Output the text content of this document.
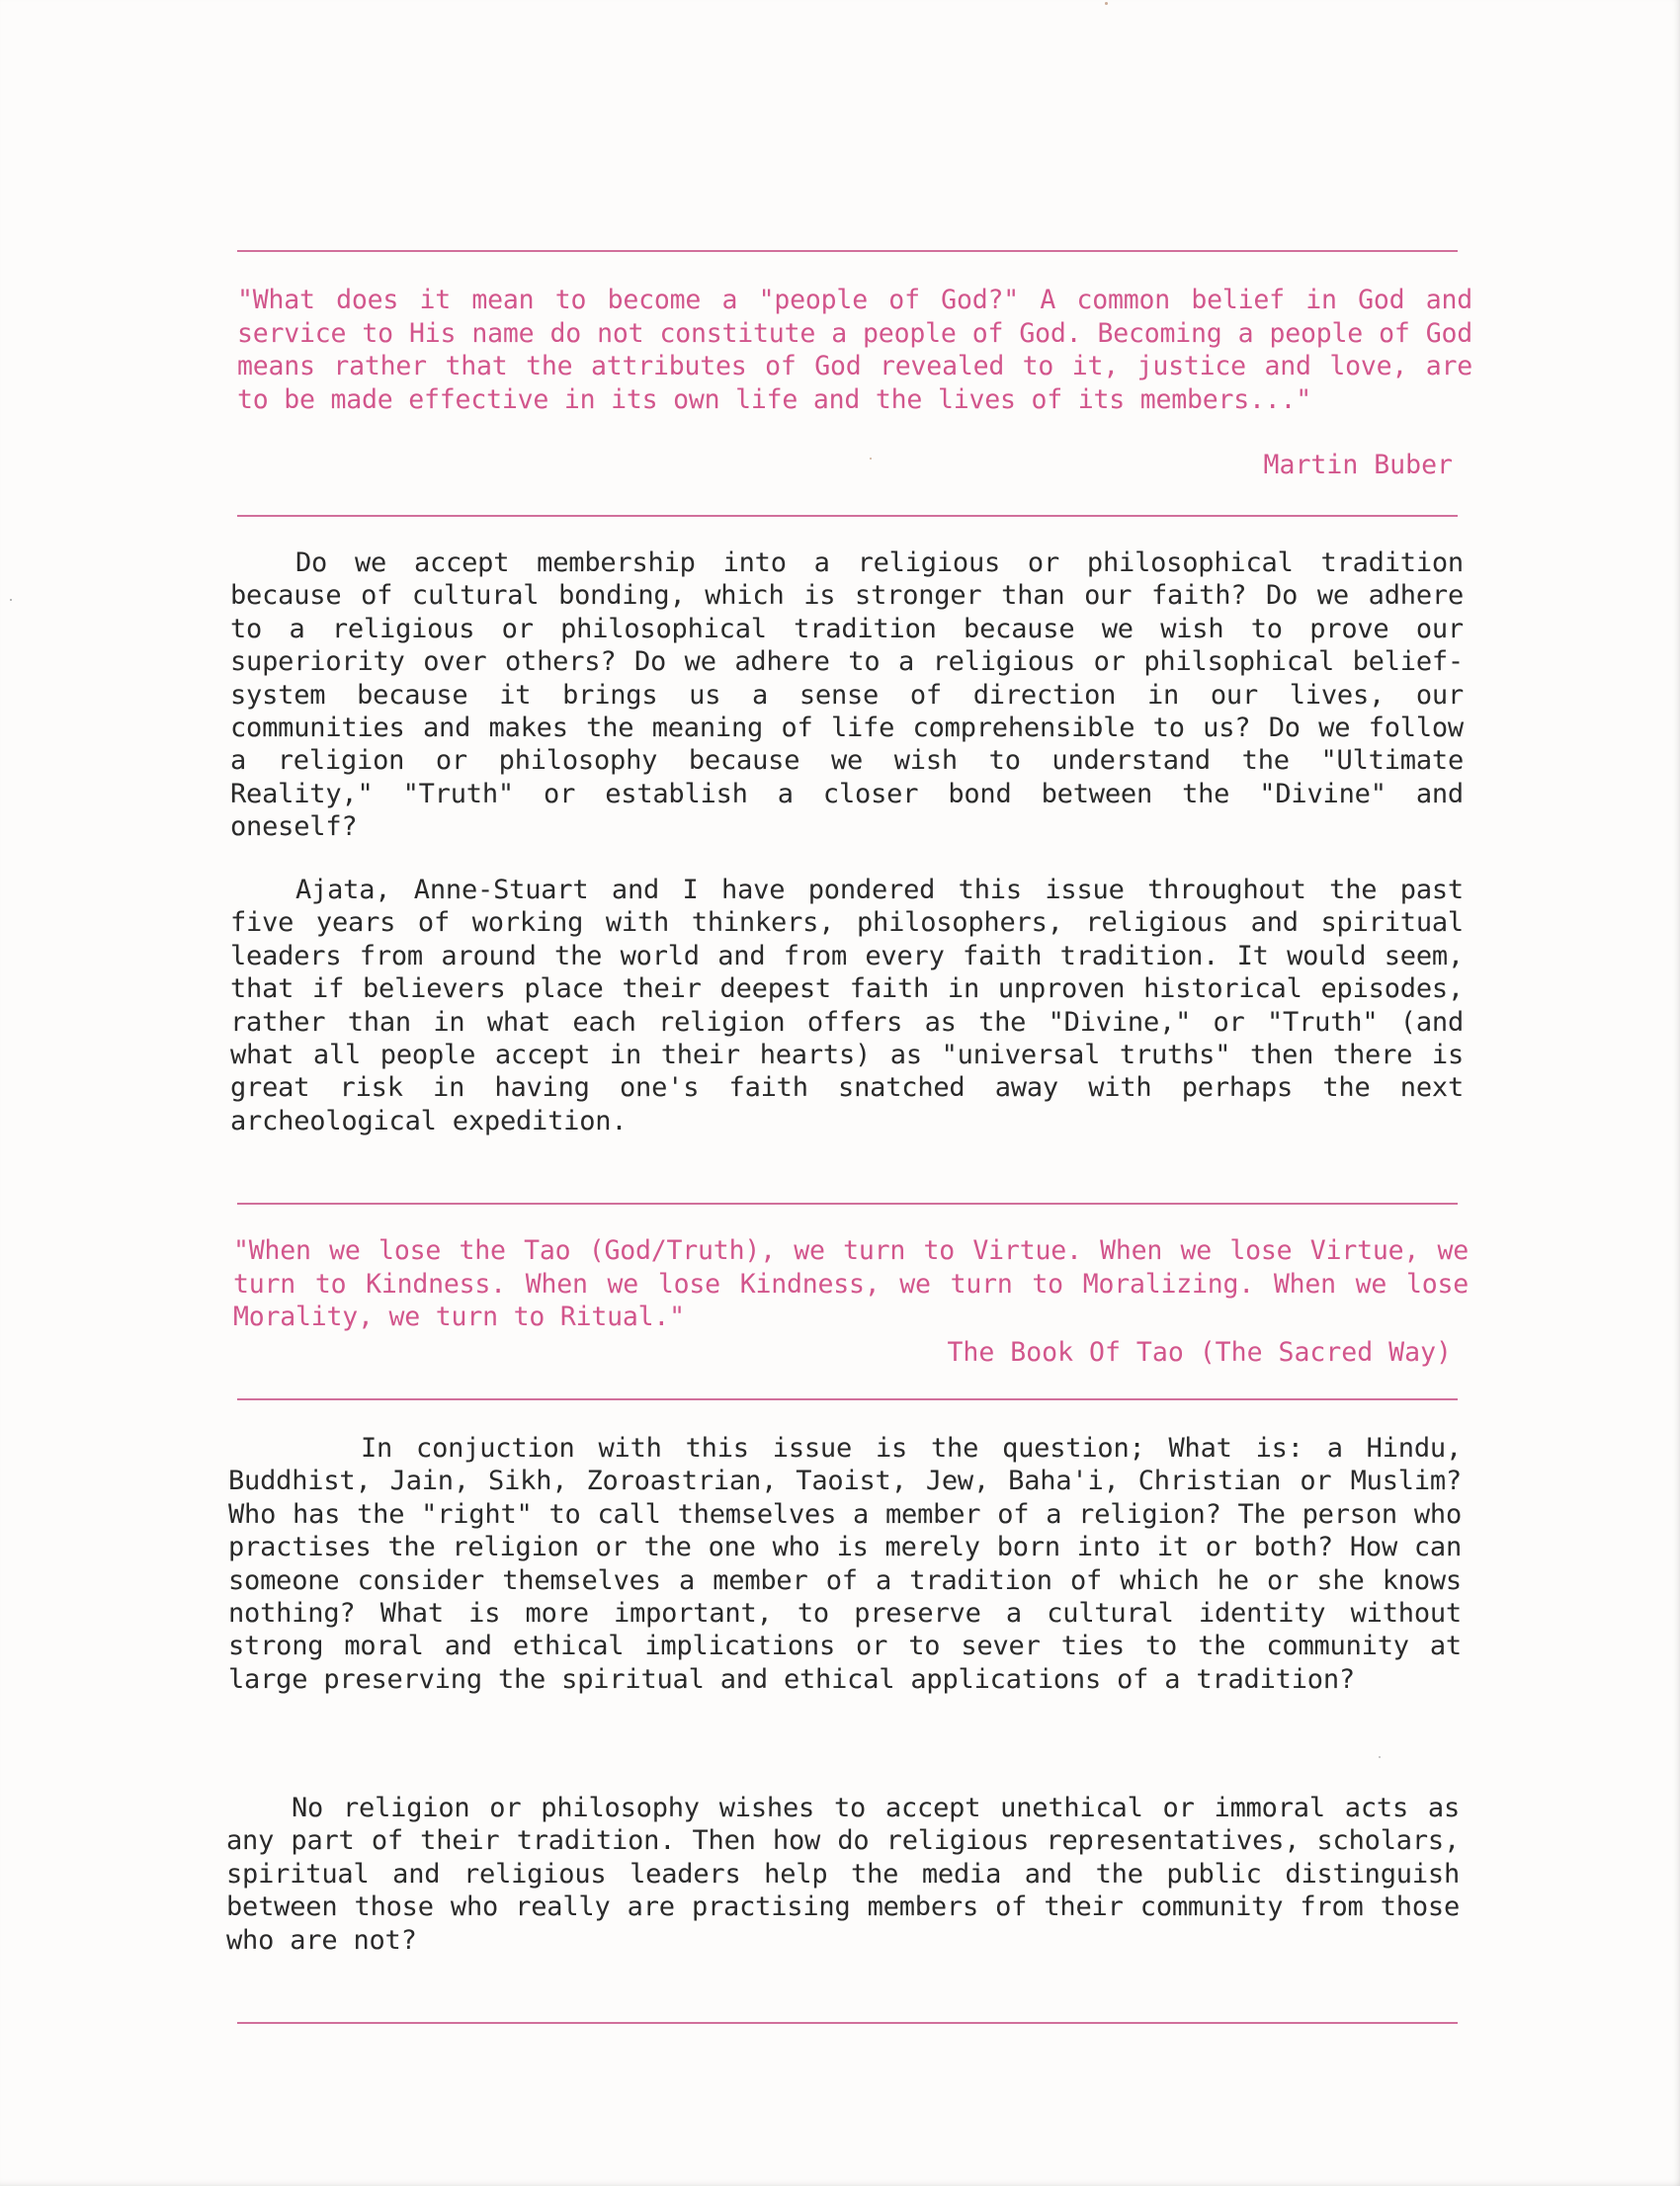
"What does it mean to become a "people of God?" A common belief in God and service to His name do not constitute a people of God. Becoming a people of God means rather that the attributes of God revealed to it, justice and love, are to be made effective in its own life and the lives of its members..."
Martin Buber
Do we accept membership into a religious or philosophical tradition because of cultural bonding, which is stronger than our faith? Do we adhere to a religious or philosophical tradition because we wish to prove our superiority over others? Do we adhere to a religious or philsophical belief-system because it brings us a sense of direction in our lives, our communities and makes the meaning of life comprehensible to us? Do we follow a religion or philosophy because we wish to understand the "Ultimate Reality," "Truth" or establish a closer bond between the "Divine" and oneself?
Ajata, Anne-Stuart and I have pondered this issue throughout the past five years of working with thinkers, philosophers, religious and spiritual leaders from around the world and from every faith tradition. It would seem, that if believers place their deepest faith in unproven historical episodes, rather than in what each religion offers as the "Divine," or "Truth" (and what all people accept in their hearts) as "universal truths" then there is great risk in having one's faith snatched away with perhaps the next archeological expedition.
"When we lose the Tao (God/Truth), we turn to Virtue. When we lose Virtue, we turn to Kindness. When we lose Kindness, we turn to Moralizing. When we lose Morality, we turn to Ritual."
The Book Of Tao (The Sacred Way)
In conjuction with this issue is the question; What is: a Hindu, Buddhist, Jain, Sikh, Zoroastrian, Taoist, Jew, Baha'i, Christian or Muslim? Who has the "right" to call themselves a member of a religion? The person who practises the religion or the one who is merely born into it or both? How can someone consider themselves a member of a tradition of which he or she knows nothing? What is more important, to preserve a cultural identity without strong moral and ethical implications or to sever ties to the community at large preserving the spiritual and ethical applications of a tradition?
No religion or philosophy wishes to accept unethical or immoral acts as any part of their tradition. Then how do religious representatives, scholars, spiritual and religious leaders help the media and the public distinguish between those who really are practising members of their community from those who are not?
